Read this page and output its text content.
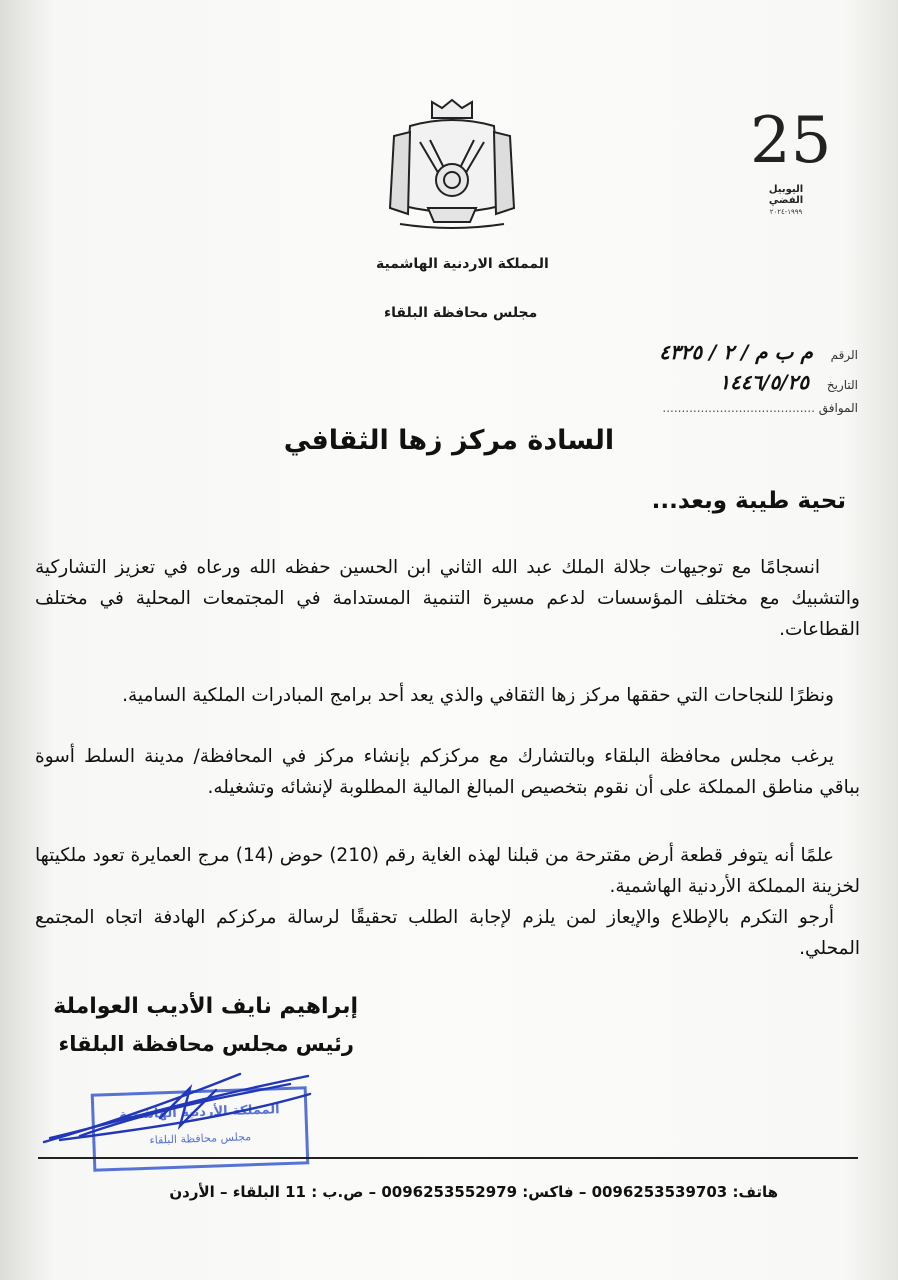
المملكة الاردنية الهاشمية
مجلس محافظة البلقاء
25
اليوبيل الفضي
١٩٩٩-٢٠٢٤
الرقم م ب م / ٢ / ٤٣٢٥
التاريخ ١٤٤٦/٥/٢٥
الموافق ........................................
السادة مركز زها الثقافي
تحية طيبة وبعد...
انسجامًا مع توجيهات جلالة الملك عبد الله الثاني ابن الحسين حفظه الله ورعاه في تعزيز التشاركية والتشبيك مع مختلف المؤسسات لدعم مسيرة التنمية المستدامة في المجتمعات المحلية في مختلف القطاعات.
ونظرًا للنجاحات التي حققها مركز زها الثقافي والذي يعد أحد برامج المبادرات الملكية السامية.
يرغب مجلس محافظة البلقاء وبالتشارك مع مركزكم بإنشاء مركز في المحافظة/ مدينة السلط أسوة بباقي مناطق المملكة على أن نقوم بتخصيص المبالغ المالية المطلوبة لإنشائه وتشغيله.
علمًا أنه يتوفر قطعة أرض مقترحة من قبلنا لهذه الغاية رقم (210) حوض (14) مرج العمايرة تعود ملكيتها لخزينة المملكة الأردنية الهاشمية.
أرجو التكرم بالإطلاع والإيعاز لمن يلزم لإجابة الطلب تحقيقًا لرسالة مركزكم الهادفة اتجاه المجتمع المحلي.
إبراهيم نايف الأديب العواملة
رئيس مجلس محافظة البلقاء
المملكة الأردنية الهاشمية
مجلس محافظة البلقاء
هاتف: 0096253539703 – فاكس: 0096253552979 – ص.ب : 11 البلقاء – الأردن
